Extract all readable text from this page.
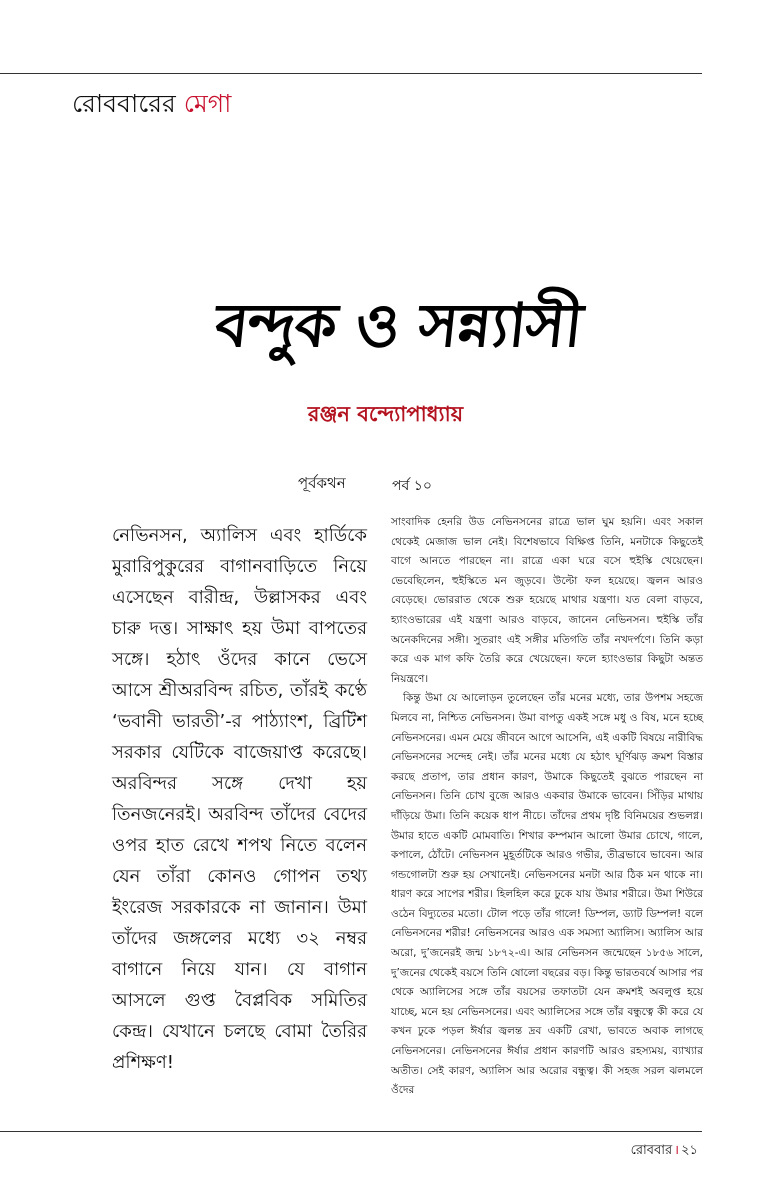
রোববারের মেগা
বন্দুক ও সন্ন্যাসী
রঞ্জন বন্দ্যোপাধ্যায়
পূর্বকথন	পর্ব ১০

নেভিনসন, অ্যালিস এবং হার্ডিকে মুরারিপুকুরের বাগানবাড়িতে নিয়ে এসেছেন বারীন্দ্র, উল্লাসকর এবং চারু দত্ত। সাক্ষাৎ হয় উমা বাপতের সঙ্গে। হঠাৎ ওঁদের কানে ভেসে আসে শ্রীঅরবিন্দ রচিত, তাঁরই কণ্ঠে ‘ভবানী ভারতী’-র পাঠ্যাংশ, ব্রিটিশ সরকার যেটিকে বাজেয়াপ্ত করেছে। অরবিন্দর সঙ্গে দেখা হয় তিনজনেরই। অরবিন্দ তাঁদের বেদের ওপর হাত রেখে শপথ নিতে বলেন যেন তাঁরা কোনও গোপন তথ্য ইংরেজ সরকারকে না জানান। উমা তাঁদের জঙ্গলের মধ্যে ৩২ নম্বর বাগানে নিয়ে যান। যে বাগান আসলে গুপ্ত বৈপ্লবিক সমিতির কেন্দ্র। যেখানে চলছে বোমা তৈরির প্রশিক্ষণ!

সাংবাদিক হেনরি উড নেভিনসনের রাত্রে ভাল ঘুম হয়নি। এবং সকাল থেকেই মেজাজ ভাল নেই। বিশেষভাবে বিক্ষিপ্ত তিনি, মনটাকে কিছুতেই বাগে আনতে পারছেন না। রাত্রে একা ঘরে বসে হুইস্কি খেয়েছেন। ভেবেছিলেন, হুইস্কিতে মন জুড়বে। উল্টো ফল হয়েছে। জ্বলন আরও বেড়েছে। ভোররাত থেকে শুরু হয়েছে মাথার যন্ত্রণা। যত বেলা বাড়বে, হ্যাংওভারের এই যন্ত্রণা আরও বাড়বে, জানেন নেভিনসন। হুইস্কি তাঁর অনেকদিনের সঙ্গী। সুতরাং এই সঙ্গীর মতিগতি তাঁর নখদর্পণে। তিনি কড়া করে এক মাগ কফি তৈরি করে খেয়েছেন। ফলে হ্যাংওভার কিছুটা অন্তত নিয়ন্ত্রণে।

কিন্তু উমা যে আলোড়ন তুলেছেন তাঁর মনের মধ্যে, তার উপশম সহজে মিলবে না, নিশ্চিত নেভিনসন। উমা বাপতু একই সঙ্গে মধু ও বিষ, মনে হচ্ছে নেভিনসনের। এমন মেয়ে জীবনে আগে আসেনি, এই একটি বিষয়ে নারীবিদ্ধ নেভিনসনের সন্দেহ নেই। তাঁর মনের মধ্যে যে হঠাৎ ঘূর্ণিঝড় ক্রমশ বিস্তার করছে প্রতাপ, তার প্রধান কারণ, উমাকে কিছুতেই বুঝতে পারছেন না নেভিনসন। তিনি চোখ বুজে আরও একবার উমাকে ভাবেন। সিঁড়ির মাথায় দাঁড়িয়ে উমা। তিনি কয়েক ধাপ নীচে। তাঁদের প্রথম দৃষ্টি বিনিময়ের শুভলগ্ন। উমার হাতে একটি মোমবাতি। শিখার কম্পমান আলো উমার চোখে, গালে, কপালে, ঠোঁটে। নেভিনসন মুহূর্তটিকে আরও গভীর, তীব্রভাবে ভাবেন। আর গন্ডগোলটা শুরু হয় সেখানেই। নেভিনসনের মনটা আর ঠিক মন থাকে না। ধারণ করে সাপের শরীর। হিলহিল করে ঢুকে যায় উমার শরীরে। উমা শিউরে ওঠেন বিদ্যুতের মতো। টোল পড়ে তাঁর গালে! ডিম্পল, ড্যাট ডিম্পল! বলে নেভিনসনের শরীর! নেভিনসনের আরও এক সমস্যা অ্যালিস। অ্যালিস আর অরো, দু’জনেরই জন্ম ১৮৭২-এ। আর নেভিনসন জন্মেছেন ১৮৫৬ সালে, দু’জনের থেকেই বয়সে তিনি ষোলো বছরের বড়। কিন্তু ভারতবর্ষে আসার পর থেকে অ্যালিসের সঙ্গে তাঁর বয়সের তফাতটা যেন ক্রমশই অবলুপ্ত হয়ে যাচ্ছে, মনে হয় নেভিনসনের। এবং অ্যালিসের সঙ্গে তাঁর বন্ধুত্বে কী করে যে কখন ঢুকে পড়ল ঈর্ষার জ্বলন্ত দ্রব একটি রেখা, ভাবতে অবাক লাগছে নেভিনসনের। নেভিনসনের ঈর্ষার প্রধান কারণটি আরও রহস্যময়, ব্যাখ্যার অতীত। সেই কারণ, অ্যালিস আর অরোর বন্ধুত্ব। কী সহজ সরল ঝলমলে ওঁদের

রোববার । ২১
